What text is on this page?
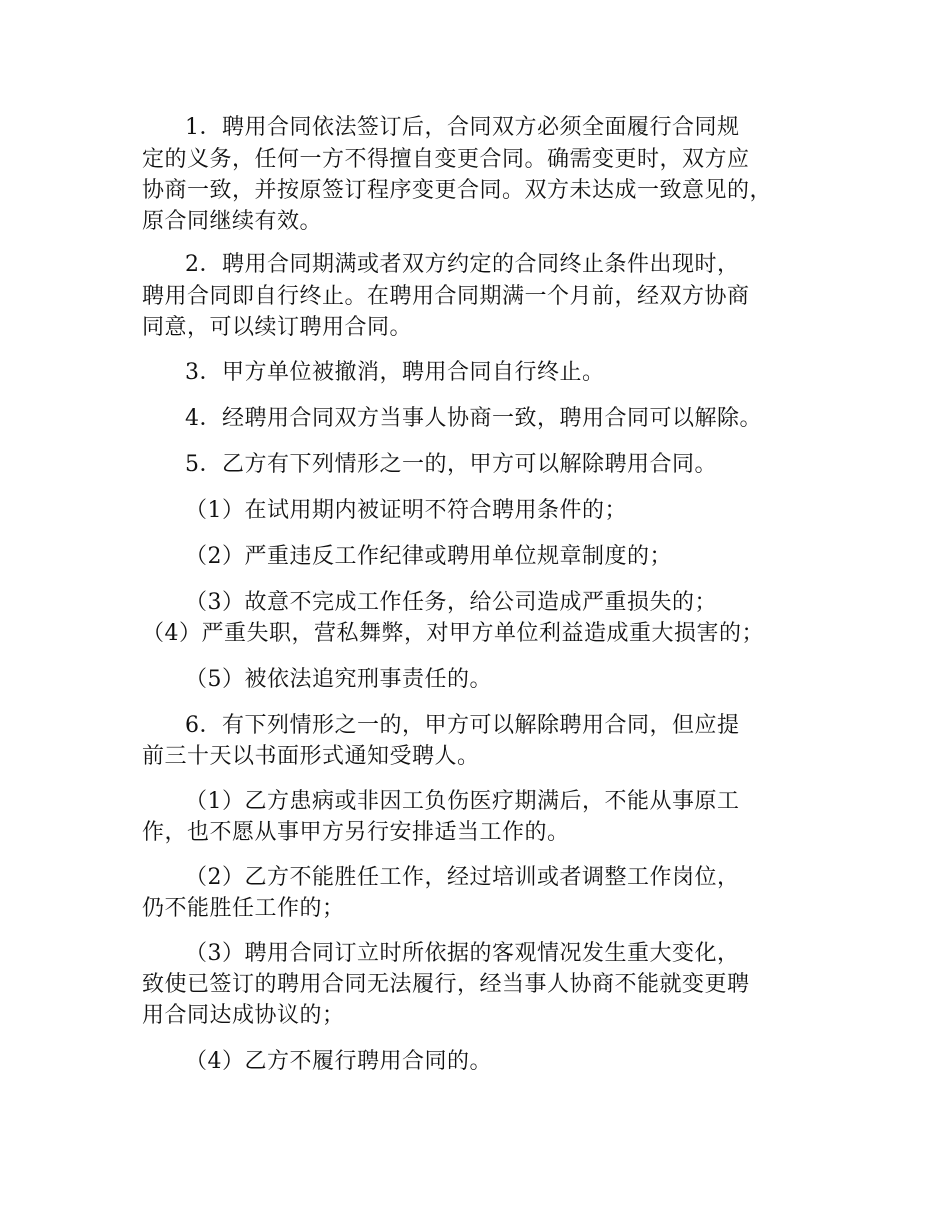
1．聘用合同依法签订后，合同双方必须全面履行合同规

定的义务，任何一方不得擅自变更合同。确需变更时，双方应

协商一致，并按原签订程序变更合同。双方未达成一致意见的，

原合同继续有效。

2．聘用合同期满或者双方约定的合同终止条件出现时，

聘用合同即自行终止。在聘用合同期满一个月前，经双方协商

同意，可以续订聘用合同。

3．甲方单位被撤消，聘用合同自行终止。

4．经聘用合同双方当事人协商一致，聘用合同可以解除。

5．乙方有下列情形之一的，甲方可以解除聘用合同。

（1）在试用期内被证明不符合聘用条件的；

（2）严重违反工作纪律或聘用单位规章制度的；

（3）故意不完成工作任务，给公司造成严重损失的；

（4）严重失职，营私舞弊，对甲方单位利益造成重大损害的；

（5）被依法追究刑事责任的。

6．有下列情形之一的，甲方可以解除聘用合同，但应提

前三十天以书面形式通知受聘人。

（1）乙方患病或非因工负伤医疗期满后，不能从事原工

作，也不愿从事甲方另行安排适当工作的。

（2）乙方不能胜任工作，经过培训或者调整工作岗位，

仍不能胜任工作的；

（3）聘用合同订立时所依据的客观情况发生重大变化，

致使已签订的聘用合同无法履行，经当事人协商不能就变更聘

用合同达成协议的；

（4）乙方不履行聘用合同的。
